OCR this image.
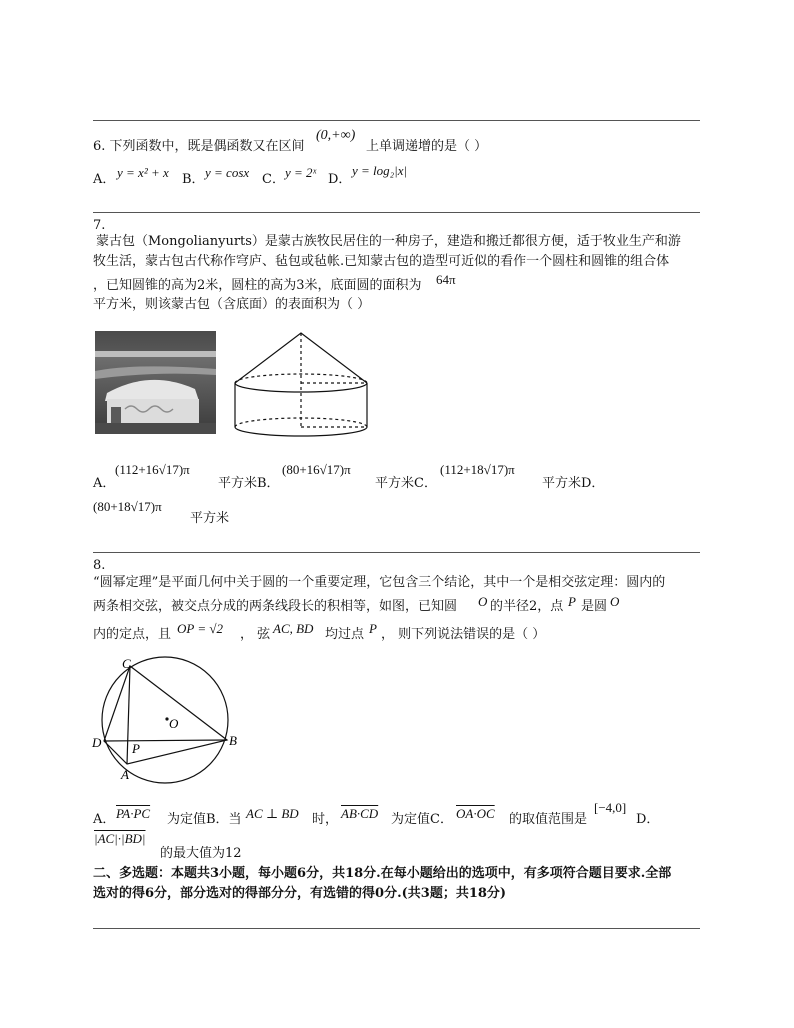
6. 下列函数中，既是偶函数又在区间
(0,+∞)
上单调递增的是（ ）
A． y = x² + x B． y = cosx C． y = 2ˣ D．
y = log₂|x|
7.
蒙古包（Mongolianyurts）是蒙古族牧民居住的一种房子，建造和搬迁都很方便，适于牧业生产和游
牧生活，蒙古包古代称作穹庐、毡包或毡帐.已知蒙古包的造型可近似的看作一个圆柱和圆锥的组合体
，已知圆锥的高为2米，圆柱的高为3米，底面圆的面积为 64π
平方米，则该蒙古包（含底面）的表面积为（ ）
A．
(112+16√17)π
平方米B．
(80+16√17)π
平方米C．
(112+18√17)π
平方米D．
(80+18√17)π
平方米
8.
“圆幂定理”是平面几何中关于圆的一个重要定理，它包含三个结论，其中一个是相交弦定理：圆内的
两条相交弦，被交点分成的两条线段长的积相等，如图，已知圆 O 的半径2，点 P 是圆 O
内的定点，且 OP = √2 ， 弦 AC, BD 均过点 P ， 则下列说法错误的是（ ）
C
B
D
A
P
O
A． PA·PC 为定值B．当 AC ⊥ BD 时， AB·CD 为定值C． OA·OC 的取值范围是
[−4,0]
D．
|AC|·|BD|
的最大值为12
二、多选题：本题共3小题，每小题6分，共18分.在每小题给出的选项中，有多项符合题目要求.全部
选对的得6分，部分选对的得部分分，有选错的得0分.(共3题；共18分)
